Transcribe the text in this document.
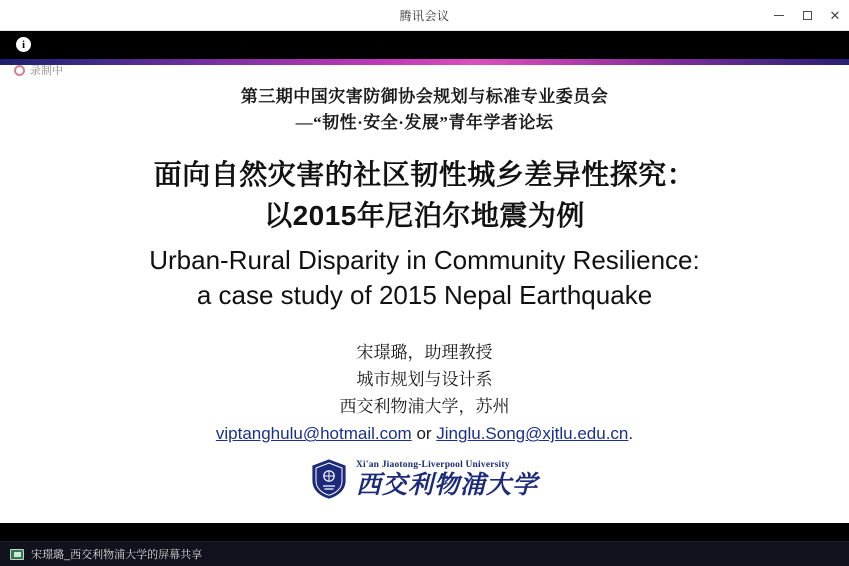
腾讯会议	✕
i
录制中
第三期中国灾害防御协会规划与标准专业委员会
—“韧性·安全·发展”青年学者论坛
面向自然灾害的社区韧性城乡差异性探究：
以2015年尼泊尔地震为例
Urban-Rural Disparity in Community Resilience:
a case study of 2015 Nepal Earthquake
宋璟璐，助理教授
城市规划与设计系
西交利物浦大学，苏州
viptanghulu@hotmail.com or Jinglu.Song@xjtlu.edu.cn.
Xi'an Jiaotong-Liverpool University
西交利物浦大学
宋璟璐_西交利物浦大学的屏幕共享
